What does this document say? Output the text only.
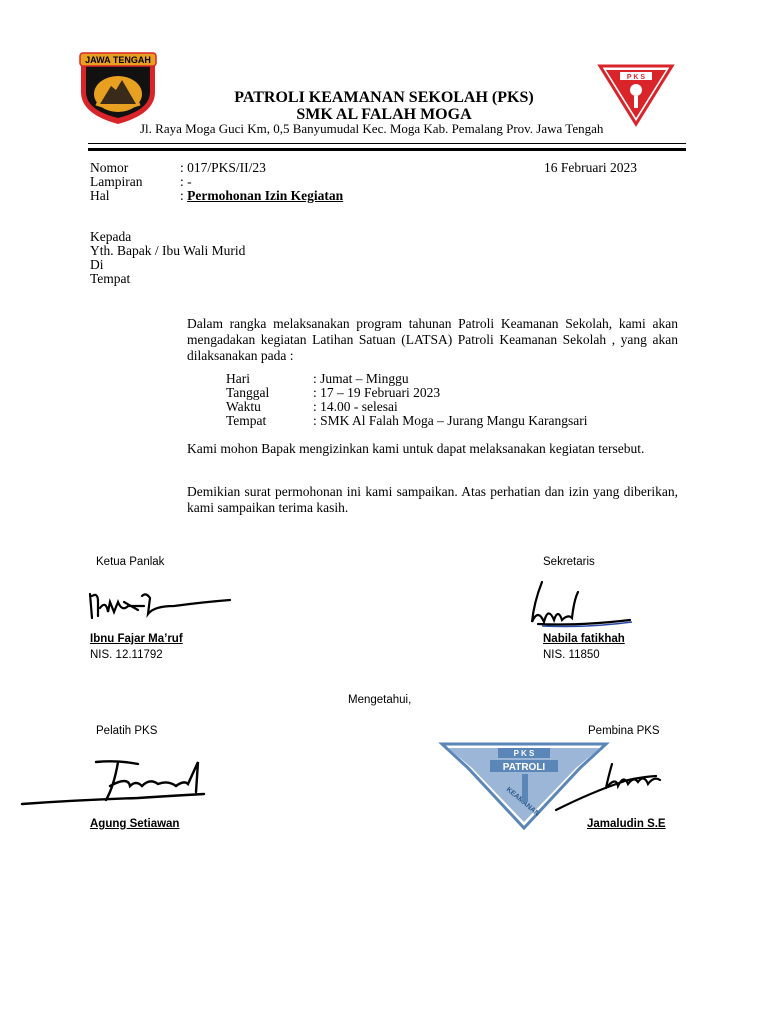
JAWA TENGAH
P K S
PATROLI KEAMANAN SEKOLAH (PKS)
SMK AL FALAH MOGA
Jl. Raya Moga Guci Km, 0,5 Banyumudal Kec. Moga Kab. Pemalang Prov. Jawa Tengah
Nomor	: 017/PKS/II/23
Lampiran	: -
Hal	: Permohonan Izin Kegiatan
16 Februari 2023
Kepada
Yth. Bapak / Ibu Wali Murid
Di
Tempat
Dalam rangka melaksanakan program tahunan Patroli Keamanan Sekolah, kami akan mengadakan kegiatan Latihan Satuan (LATSA) Patroli Keamanan Sekolah , yang akan dilaksanakan pada :
Hari	: Jumat – Minggu
Tanggal	: 17 – 19 Februari 2023
Waktu	: 14.00 - selesai
Tempat	: SMK Al Falah Moga – Jurang Mangu Karangsari
Kami mohon Bapak mengizinkan kami untuk dapat melaksanakan kegiatan tersebut.
Demikian surat permohonan ini kami sampaikan. Atas perhatian dan izin yang diberikan, kami sampaikan terima kasih.
Ketua Panlak	Sekretaris
Ibnu Fajar Ma’ruf
NIS. 12.11792
Nabila fatikhah
NIS. 11850
Mengetahui,
Pelatih PKS	Pembina PKS
P K S
PATROLI
Agung Setiawan	Jamaludin S.E
